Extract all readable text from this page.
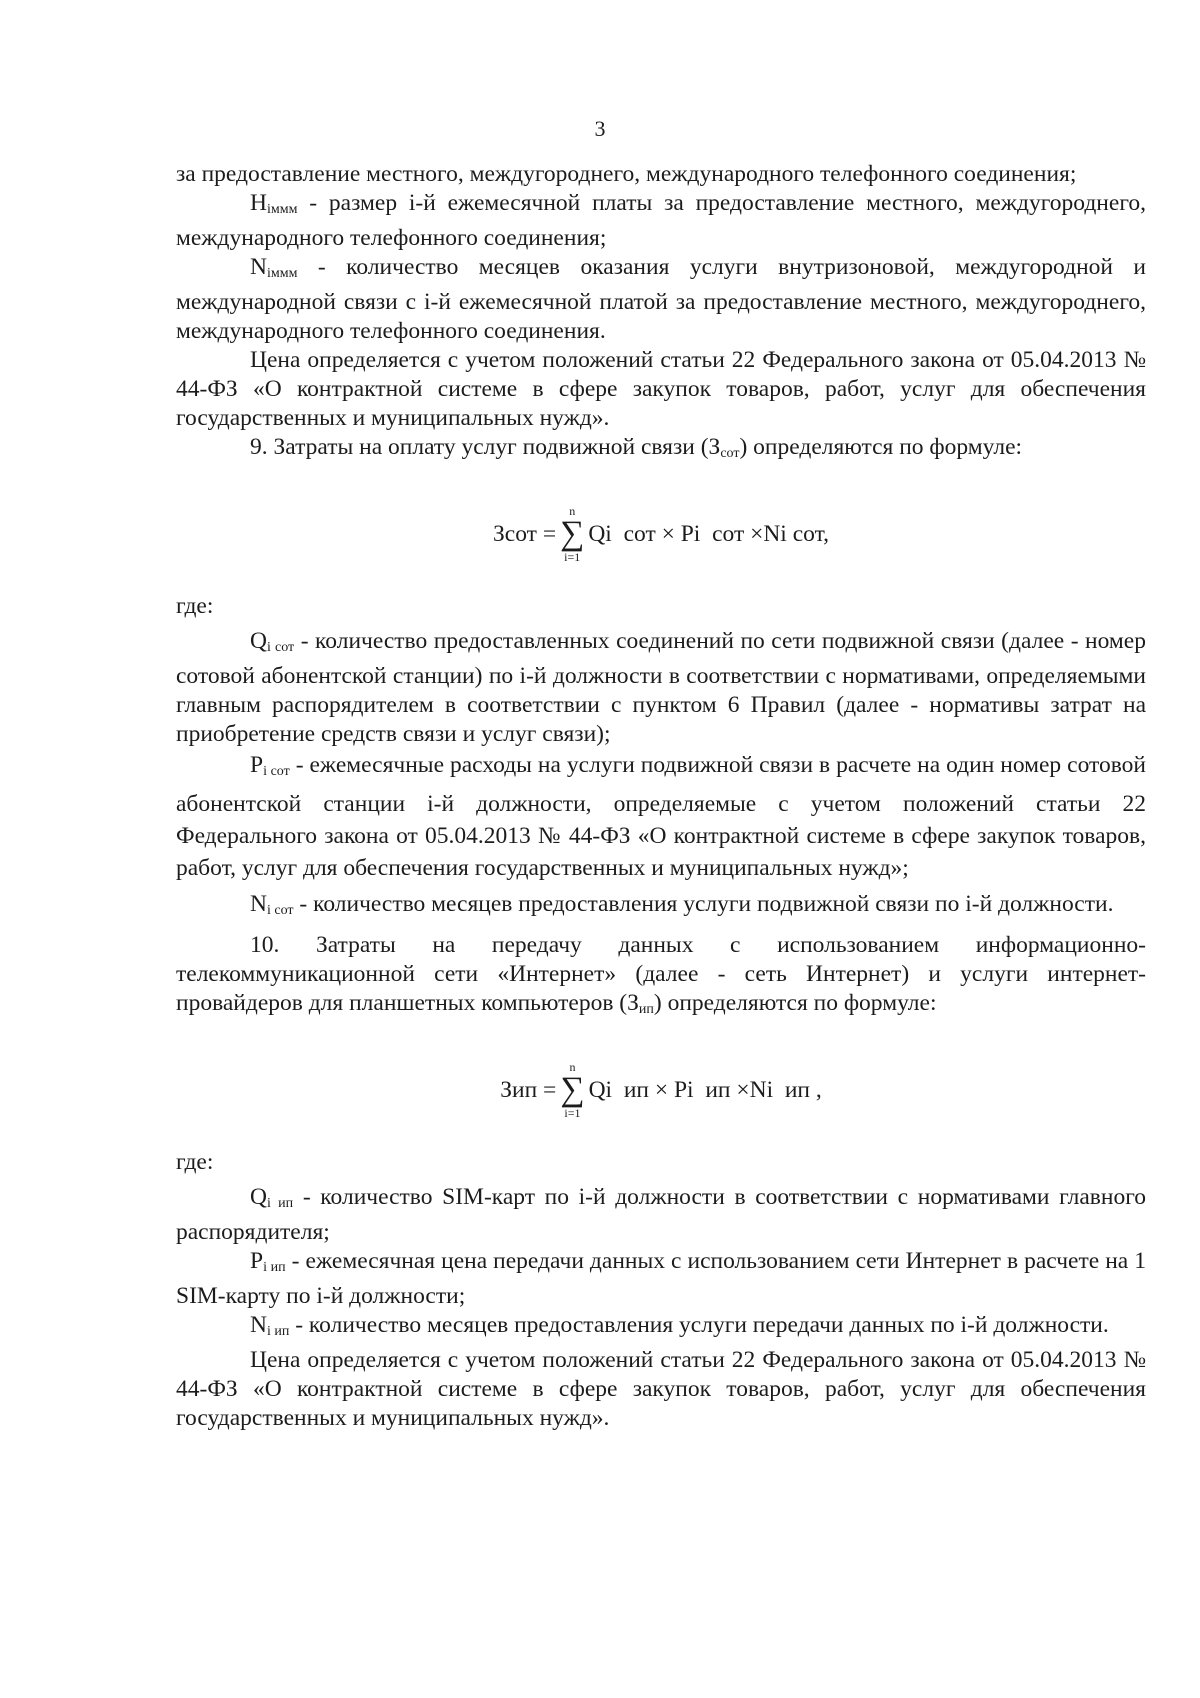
3

за предоставление местного, междугороднего, международного телефонного соединения;

$H_{iммм}$ - размер i-й ежемесячной платы за предоставление местного, междугороднего, международного телефонного соединения;

$N_{iммм}$ - количество месяцев оказания услуги внутризоновой, междугородной и международной связи с i-й ежемесячной платой за предоставление местного, междугороднего, международного телефонного соединения.

Цена определяется с учетом положений статьи 22 Федерального закона от 05.04.2013 № 44-ФЗ «О контрактной системе в сфере закупок товаров, работ, услуг для обеспечения государственных и муниципальных нужд».

9. Затраты на оплату услуг подвижной связи $(З_{сот})$ определяются по формуле:

Зсот =
n
∑
i=1
Qi  сот × Pi  сот ×Ni сот,

где:

$Q_{i сот}$ - количество предоставленных соединений по сети подвижной связи (далее - номер сотовой абонентской станции) по i-й должности в соответствии с нормативами, определяемыми главным распорядителем в соответствии с пунктом 6 Правил (далее - нормативы затрат на приобретение средств связи и услуг связи);

$P_{i сот}$ - ежемесячные расходы на услуги подвижной связи в расчете на один номер сотовой абонентской станции i-й должности, определяемые с учетом положений статьи 22 Федерального закона от 05.04.2013 № 44-ФЗ «О контрактной системе в сфере закупок товаров, работ, услуг для обеспечения государственных и муниципальных нужд»;

$N_{i сот}$ - количество месяцев предоставления услуги подвижной связи по i-й должности.

10. Затраты на передачу данных с использованием информационно-телекоммуникационной сети «Интернет» (далее - сеть Интернет) и услуги интернет-провайдеров для планшетных компьютеров $(З_{ип})$ определяются по формуле:

Зип =
n
∑
i=1
Qi  ип × Pi  ип ×Ni  ип ,

где:

$Q_{i ип}$ - количество SIM-карт по i-й должности в соответствии с нормативами главного распорядителя;

$P_{i ип}$ - ежемесячная цена передачи данных с использованием сети Интернет в расчете на 1 SIM-карту по i-й должности;

$N_{i ип}$ - количество месяцев предоставления услуги передачи данных по i-й должности.

Цена определяется с учетом положений статьи 22 Федерального закона от 05.04.2013 № 44-ФЗ «О контрактной системе в сфере закупок товаров, работ, услуг для обеспечения государственных и муниципальных нужд».
